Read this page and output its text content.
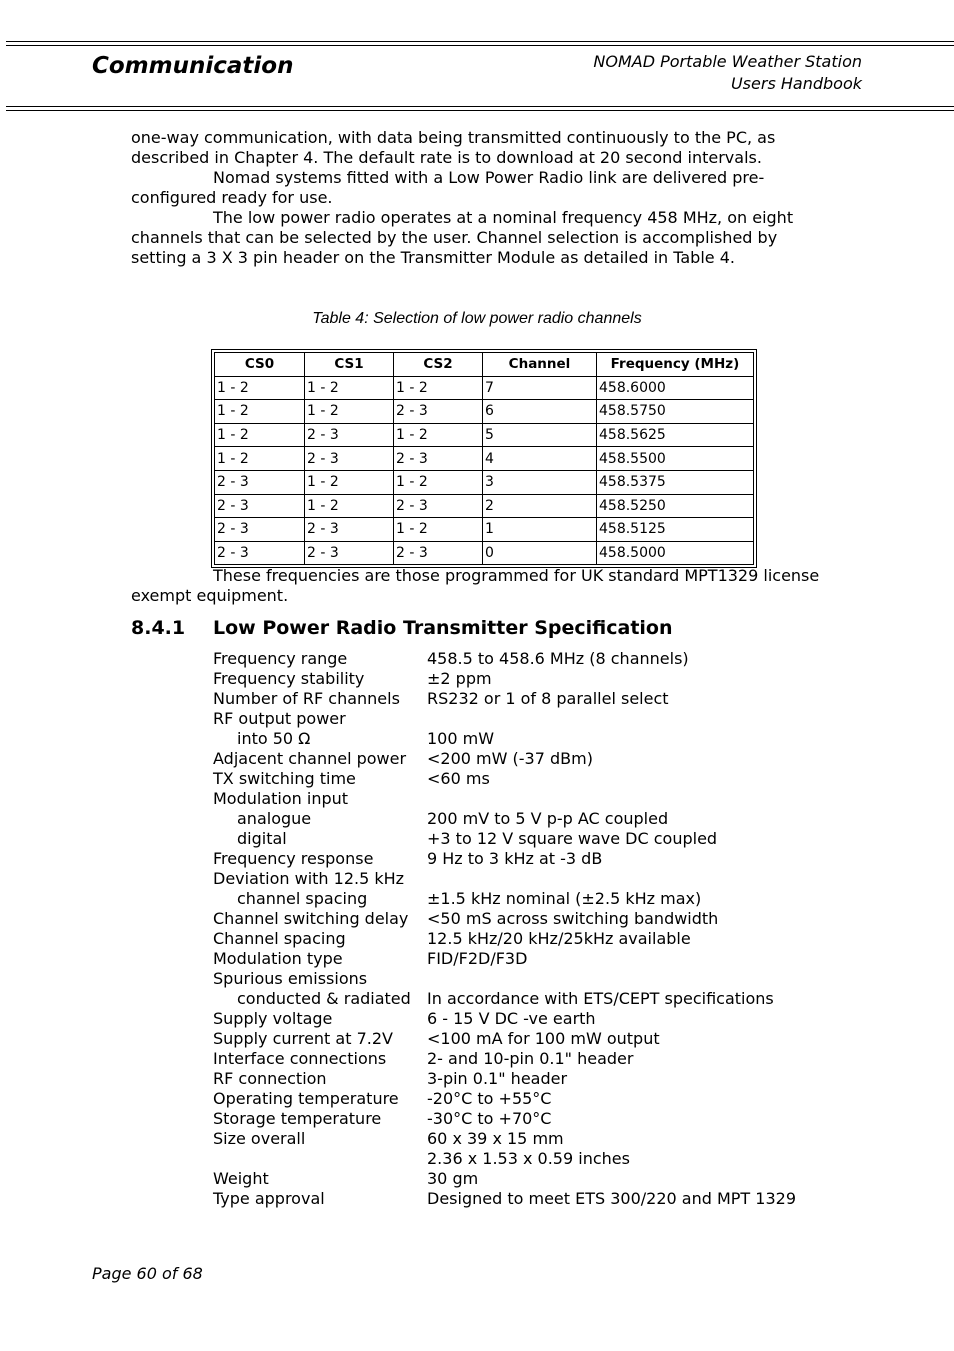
Communication	NOMAD Portable Weather Station
Users Handbook

one-way communication, with data being transmitted continuously to the PC, as described in Chapter 4. The default rate is to download at 20 second intervals.

Nomad systems fitted with a Low Power Radio link are delivered pre-configured ready for use.

The low power radio operates at a nominal frequency 458 MHz, on eight channels that can be selected by the user. Channel selection is accomplished by setting a 3 X 3 pin header on the Transmitter Module as detailed in Table 4.

Table 4: Selection of low power radio channels
CS0	CS1	CS2	Channel	Frequency (MHz)
1 - 2	1 - 2	1 - 2	7	458.6000
1 - 2	1 - 2	2 - 3	6	458.5750
1 - 2	2 - 3	1 - 2	5	458.5625
1 - 2	2 - 3	2 - 3	4	458.5500
2 - 3	1 - 2	1 - 2	3	458.5375
2 - 3	1 - 2	2 - 3	2	458.5250
2 - 3	2 - 3	1 - 2	1	458.5125
2 - 3	2 - 3	2 - 3	0	458.5000

These frequencies are those programmed for UK standard MPT1329 license exempt equipment.

8.4.1 Low Power Radio Transmitter Specification
Frequency range	458.5 to 458.6 MHz (8 channels)
Frequency stability	±2 ppm
Number of RF channels	RS232 or 1 of 8 parallel select
RF output power
into 50 Ω	100 mW
Adjacent channel power	<200 mW (-37 dBm)
TX switching time	<60 ms
Modulation input
analogue	200 mV to 5 V p-p AC coupled
digital	+3 to 12 V square wave DC coupled
Frequency response	9 Hz to 3 kHz at -3 dB
Deviation with 12.5 kHz
channel spacing	±1.5 kHz nominal (±2.5 kHz max)
Channel switching delay	<50 mS across switching bandwidth
Channel spacing	12.5 kHz/20 kHz/25kHz available
Modulation type	FID/F2D/F3D
Spurious emissions
conducted & radiated	In accordance with ETS/CEPT specifications
Supply voltage	6 - 15 V DC -ve earth
Supply current at 7.2V	<100 mA for 100 mW output
Interface connections	2- and 10-pin 0.1" header
RF connection	3-pin 0.1" header
Operating temperature	-20°C to +55°C
Storage temperature	-30°C to +70°C
Size overall	60 x 39 x 15 mm
2.36 x 1.53 x 0.59 inches
Weight	30 gm
Type approval	Designed to meet ETS 300/220 and MPT 1329
Page 60 of 68
